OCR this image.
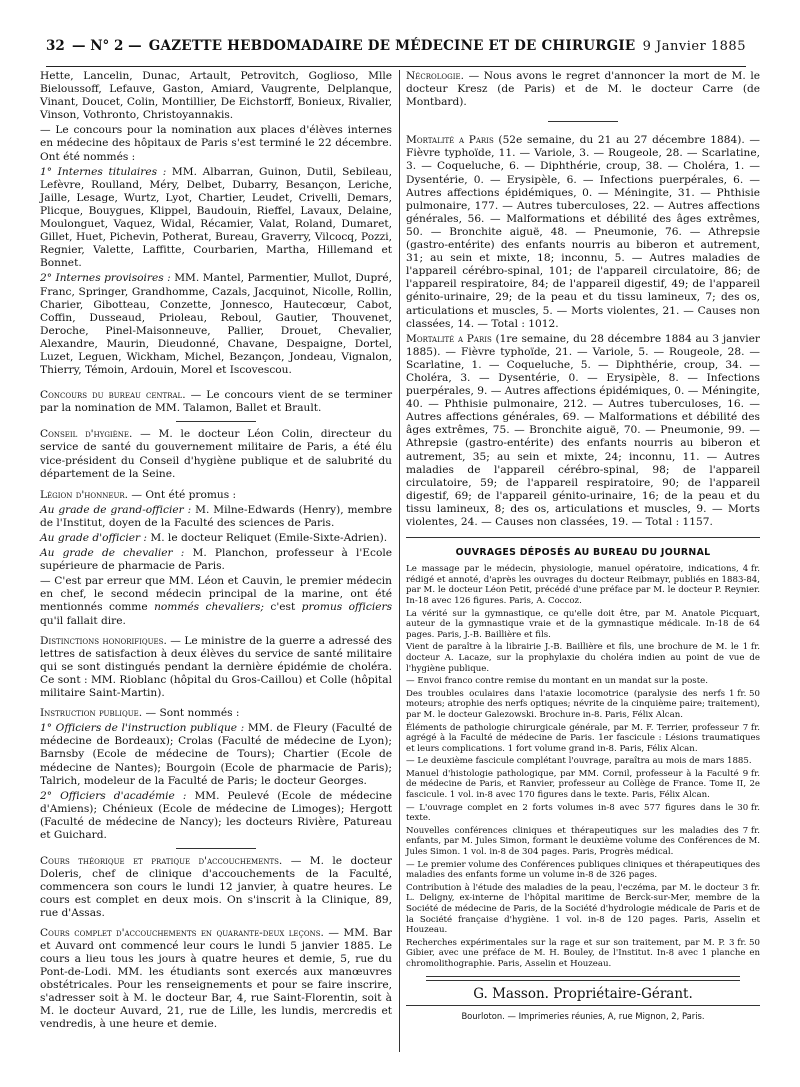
32 — N° 2 — GAZETTE HEBDOMADAIRE DE MÉDECINE ET DE CHIRURGIE 9 Janvier 1885

Hette, Lancelin, Dunac, Artault, Petrovitch, Goglioso, Mlle Bieloussoff, Lefauve, Gaston, Amiard, Vaugrente, Delplanque, Vinant, Doucet, Colin, Montillier, De Eichstorff, Bonieux, Rivalier, Vinson, Vothronto, Christoyannakis.

— Le concours pour la nomination aux places d'élèves internes en médecine des hôpitaux de Paris s'est terminé le 22 décembre. Ont été nommés :

1° Internes titulaires : MM. Albarran, Guinon, Dutil, Sebileau, Lefèvre, Roulland, Méry, Delbet, Dubarry, Besançon, Leriche, Jaille, Lesage, Wurtz, Lyot, Chartier, Leudet, Crivelli, Demars, Plicque, Bouygues, Klippel, Baudouin, Rieffel, Lavaux, Delaine, Moulonguet, Vaquez, Widal, Récamier, Valat, Roland, Dumaret, Gillet, Huet, Pichevin, Potherat, Bureau, Graverry, Vilcocq, Pozzi, Regnier, Valette, Laffitte, Courbarien, Martha, Hillemand et Bonnet.

2° Internes provisoires : MM. Mantel, Parmentier, Mullot, Dupré, Franc, Springer, Grandhomme, Cazals, Jacquinot, Nicolle, Rollin, Charier, Gibotteau, Conzette, Jonnesco, Hautecœur, Cabot, Coffin, Dusseaud, Prioleau, Reboul, Gautier, Thouvenet, Deroche, Pinel-Maisonneuve, Pallier, Drouet, Chevalier, Alexandre, Maurin, Dieudonné, Chavane, Despaigne, Dortel, Luzet, Leguen, Wickham, Michel, Bezançon, Jondeau, Vignalon, Thierry, Témoin, Ardouin, Morel et Iscovescou.

Concours du bureau central. — Le concours vient de se terminer par la nomination de MM. Talamon, Ballet et Brault.

Conseil d'hygiène. — M. le docteur Léon Colin, directeur du service de santé du gouvernement militaire de Paris, a été élu vice-président du Conseil d'hygiène publique et de salubrité du département de la Seine.

Légion d'honneur. — Ont été promus :

Au grade de grand-officier : M. Milne-Edwards (Henry), membre de l'Institut, doyen de la Faculté des sciences de Paris.

Au grade d'officier : M. le docteur Reliquet (Emile-Sixte-Adrien).

Au grade de chevalier : M. Planchon, professeur à l'Ecole supérieure de pharmacie de Paris.

— C'est par erreur que MM. Léon et Cauvin, le premier médecin en chef, le second médecin principal de la marine, ont été mentionnés comme nommés chevaliers; c'est promus officiers qu'il fallait dire.

Distinctions honorifiques. — Le ministre de la guerre a adressé des lettres de satisfaction à deux élèves du service de santé militaire qui se sont distingués pendant la dernière épidémie de choléra. Ce sont : MM. Rioblanc (hôpital du Gros-Caillou) et Colle (hôpital militaire Saint-Martin).

Instruction publique. — Sont nommés :

1° Officiers de l'instruction publique : MM. de Fleury (Faculté de médecine de Bordeaux); Crolas (Faculté de médecine de Lyon); Barnsby (Ecole de médecine de Tours); Chartier (Ecole de médecine de Nantes); Bourgoin (Ecole de pharmacie de Paris); Talrich, modeleur de la Faculté de Paris; le docteur Georges.

2° Officiers d'académie : MM. Peulevé (Ecole de médecine d'Amiens); Chénieux (Ecole de médecine de Limoges); Hergott (Faculté de médecine de Nancy); les docteurs Rivière, Patureau et Guichard.

Cours théorique et pratique d'accouchements. — M. le docteur Doleris, chef de clinique d'accouchements de la Faculté, commencera son cours le lundi 12 janvier, à quatre heures. Le cours est complet en deux mois. On s'inscrit à la Clinique, 89, rue d'Assas.

Cours complet d'accouchements en quarante-deux leçons. — MM. Bar et Auvard ont commencé leur cours le lundi 5 janvier 1885. Le cours a lieu tous les jours à quatre heures et demie, 5, rue du Pont-de-Lodi. MM. les étudiants sont exercés aux manœuvres obstétricales. Pour les renseignements et pour se faire inscrire, s'adresser soit à M. le docteur Bar, 4, rue Saint-Florentin, soit à M. le docteur Auvard, 21, rue de Lille, les lundis, mercredis et vendredis, à une heure et demie.

Nécrologie. — Nous avons le regret d'annoncer la mort de M. le docteur Kresz (de Paris) et de M. le docteur Carre (de Montbard).

Mortalité a Paris (52e semaine, du 21 au 27 décembre 1884). — Fièvre typhoïde, 11. — Variole, 3. — Rougeole, 28. — Scarlatine, 3. — Coqueluche, 6. — Diphthérie, croup, 38. — Choléra, 1. — Dysentérie, 0. — Erysipèle, 6. — Infections puerpérales, 6. — Autres affections épidémiques, 0. — Méningite, 31. — Phthisie pulmonaire, 177. — Autres tuberculoses, 22. — Autres affections générales, 56. — Malformations et débilité des âges extrêmes, 50. — Bronchite aiguë, 48. — Pneumonie, 76. — Athrepsie (gastro-entérite) des enfants nourris au biberon et autrement, 31; au sein et mixte, 18; inconnu, 5. — Autres maladies de l'appareil cérébro-spinal, 101; de l'appareil circulatoire, 86; de l'appareil respiratoire, 84; de l'appareil digestif, 49; de l'appareil génito-urinaire, 29; de la peau et du tissu lamineux, 7; des os, articulations et muscles, 5. — Morts violentes, 21. — Causes non classées, 14. — Total : 1012.

Mortalité a Paris (1re semaine, du 28 décembre 1884 au 3 janvier 1885). — Fièvre typhoïde, 21. — Variole, 5. — Rougeole, 28. — Scarlatine, 1. — Coqueluche, 5. — Diphthérie, croup, 34. — Choléra, 3. — Dysentérie, 0. — Erysipèle, 8. — Infections puerpérales, 9. — Autres affections épidémiques, 0. — Méningite, 40. — Phthisie pulmonaire, 212. — Autres tuberculoses, 16. — Autres affections générales, 69. — Malformations et débilité des âges extrêmes, 75. — Bronchite aiguë, 70. — Pneumonie, 99. — Athrepsie (gastro-entérite) des enfants nourris au biberon et autrement, 35; au sein et mixte, 24; inconnu, 11. — Autres maladies de l'appareil cérébro-spinal, 98; de l'appareil circulatoire, 59; de l'appareil respiratoire, 90; de l'appareil digestif, 69; de l'appareil génito-urinaire, 16; de la peau et du tissu lamineux, 8; des os, articulations et muscles, 9. — Morts violentes, 24. — Causes non classées, 19. — Total : 1157.

OUVRAGES DÉPOSÉS AU BUREAU DU JOURNAL

4 fr.
Le massage par le médecin, physiologie, manuel opératoire, indications, rédigé et annoté, d'après les ouvrages du docteur Reibmayr, publiés en 1883-84, par M. le docteur Léon Petit, précédé d'une préface par M. le docteur P. Reynier. In-18 avec 126 figures. Paris, A. Coccoz.

La vérité sur la gymnastique, ce qu'elle doit être, par M. Anatole Picquart, auteur de la gymnastique vraie et de la gymnastique médicale. In-18 de 64 pages. Paris, J.-B. Baillière et fils.

1 fr.
Vient de paraître à la librairie J.-B. Baillière et fils, une brochure de M. le docteur A. Lacaze, sur la prophylaxie du choléra indien au point de vue de l'hygiène publique.

— Envoi franco contre remise du montant en un mandat sur la poste.

1 fr. 50
Des troubles oculaires dans l'ataxie locomotrice (paralysie des nerfs moteurs; atrophie des nerfs optiques; névrite de la cinquième paire; traitement), par M. le docteur Galezowski. Brochure in-8. Paris, Félix Alcan.

7 fr.
Éléments de pathologie chirurgicale générale, par M. F. Terrier, professeur agrégé à la Faculté de médecine de Paris. 1er fascicule : Lésions traumatiques et leurs complications. 1 fort volume grand in-8. Paris, Félix Alcan.

— Le deuxième fascicule complétant l'ouvrage, paraîtra au mois de mars 1885.

9 fr.
Manuel d'histologie pathologique, par MM. Cornil, professeur à la Faculté de médecine de Paris, et Ranvier, professeur au Collège de France. Tome II, 2e fascicule. 1 vol. in-8 avec 170 figures dans le texte. Paris, Félix Alcan.

30 fr.
— L'ouvrage complet en 2 forts volumes in-8 avec 577 figures dans le texte.

7 fr.
Nouvelles conférences cliniques et thérapeutiques sur les maladies des enfants, par M. Jules Simon, formant le deuxième volume des Conférences de M. Jules Simon. 1 vol. in-8 de 304 pages. Paris, Progrès médical.

— Le premier volume des Conférences publiques cliniques et thérapeutiques des maladies des enfants forme un volume in-8 de 326 pages.

3 fr.
Contribution à l'étude des maladies de la peau, l'eczéma, par M. le docteur L. Deligny, ex-interne de l'hôpital maritime de Berck-sur-Mer, membre de la Société de médecine de Paris, de la Société d'hydrologie médicale de Paris et de la Société française d'hygiène. 1 vol. in-8 de 120 pages. Paris, Asselin et Houzeau.

3 fr. 50
Recherches expérimentales sur la rage et sur son traitement, par M. P. Gibier, avec une préface de M. H. Bouley, de l'Institut. In-8 avec 1 planche en chromolithographie. Paris, Asselin et Houzeau.

G. Masson. Propriétaire-Gérant.
Bourloton. — Imprimeries réunies, A, rue Mignon, 2, Paris.
